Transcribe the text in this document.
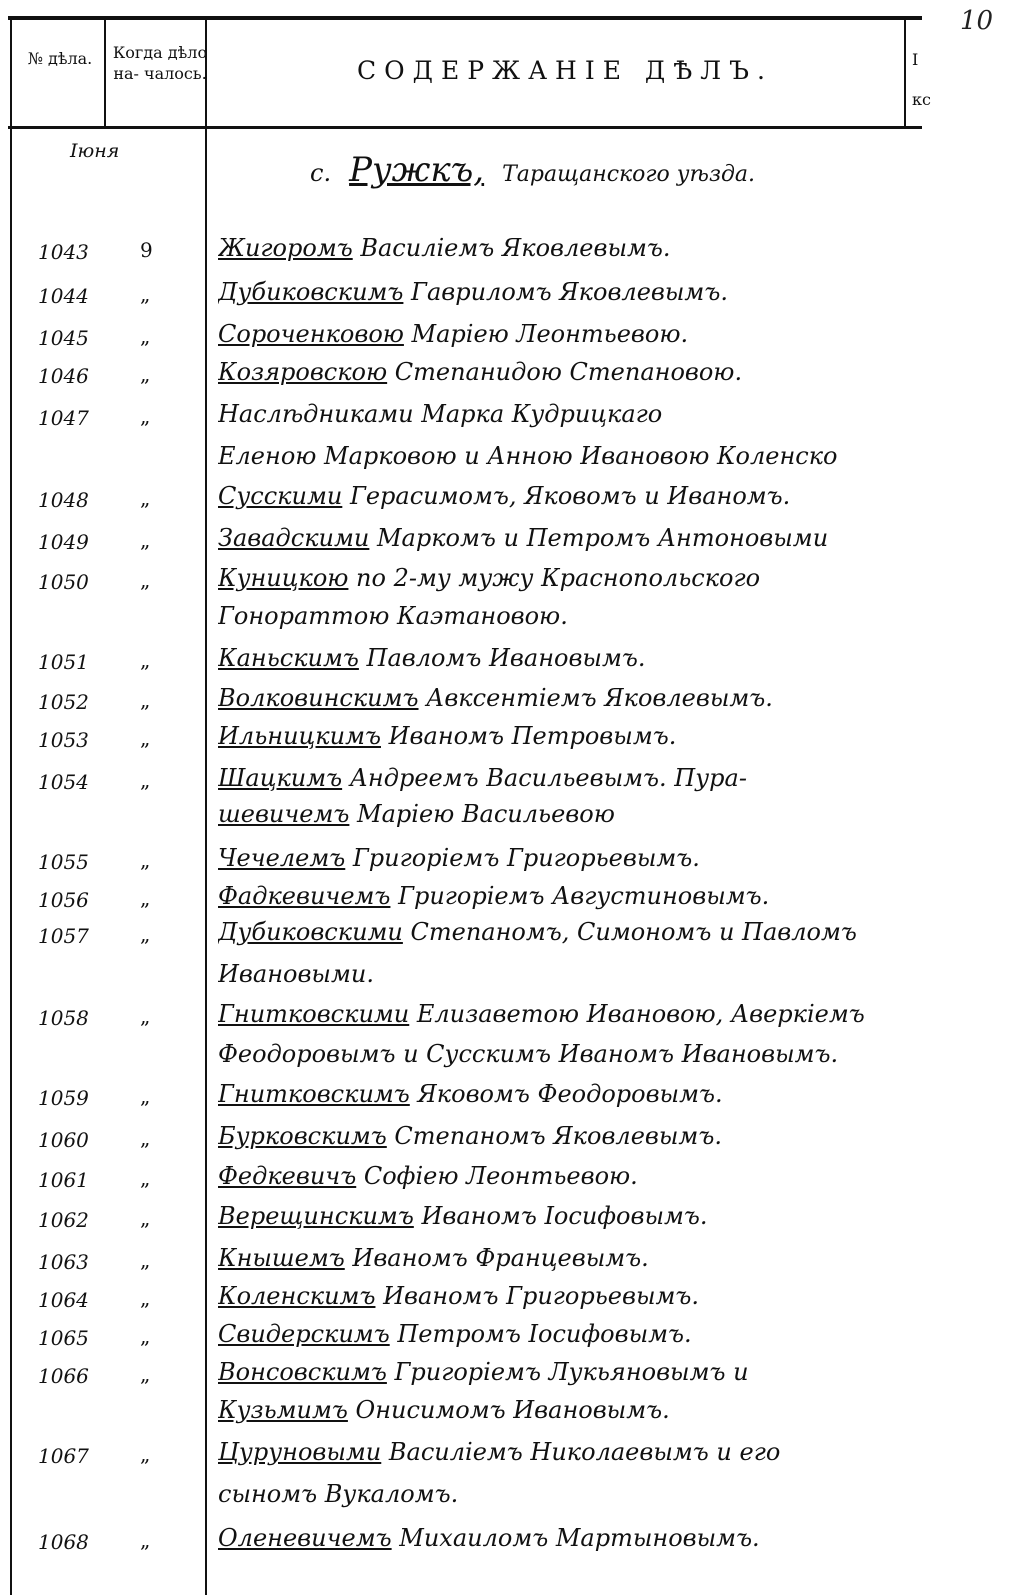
10
№ дѣла.	Когда дѣло на- чалось.	СОДЕРЖАНIЕ ДѢЛЪ.	I кс
Іюня
с. Ружкъ, Таращанского уѣзда.
1043	9	Жигоромъ Василiемъ Яковлевымъ.
1044	„	Дубиковскимъ Гавриломъ Яковлевымъ.
1045	„	Сороченковою Марiею Леонтьевою.
1046	„	Козяровскою Степанидою Степановою.
1047	„	Наслѣдниками Марка Кудрицкаго
Еленою Марковою и Анною Ивановою Коленско
1048	„	Сусскими Герасимомъ, Яковомъ и Иваномъ.
1049	„	Завадскими Маркомъ и Петромъ Антоновыми
1050	„	Куницкою по 2-му мужу Краснопольского
Гонораттою Каэтановою.
1051	„	Каньскимъ Павломъ Ивановымъ.
1052	„	Волковинскимъ Авксентiемъ Яковлевымъ.
1053	„	Ильницкимъ Иваномъ Петровымъ.
1054	„	Шацкимъ Андреемъ Васильевымъ. Пура-
шевичемъ Марiею Васильевою
1055	„	Чечелемъ Григорiемъ Григорьевымъ.
1056	„	Фадкевичемъ Григорiемъ Августиновымъ.
1057	„	Дубиковскими Степаномъ, Симономъ и Павломъ
Ивановыми.
1058	„	Гнитковскими Елизаветою Ивановою, Аверкiемъ
Феодоровымъ и Сусскимъ Иваномъ Ивановымъ.
1059	„	Гнитковскимъ Яковомъ Феодоровымъ.
1060	„	Бурковскимъ Степаномъ Яковлевымъ.
1061	„	Федкевичъ Софiею Леонтьевою.
1062	„	Верещинскимъ Иваномъ Іосифовымъ.
1063	„	Кнышемъ Иваномъ Францевымъ.
1064	„	Коленскимъ Иваномъ Григорьевымъ.
1065	„	Свидерскимъ Петромъ Іосифовымъ.
1066	„	Вонсовскимъ Григорiемъ Лукьяновымъ и
Кузьмимъ Онисимомъ Ивановымъ.
1067	„	Цуруновыми Василiемъ Николаевымъ и его
сыномъ Вукаломъ.
1068	„	Оленевичемъ Михаиломъ Мартыновымъ.
